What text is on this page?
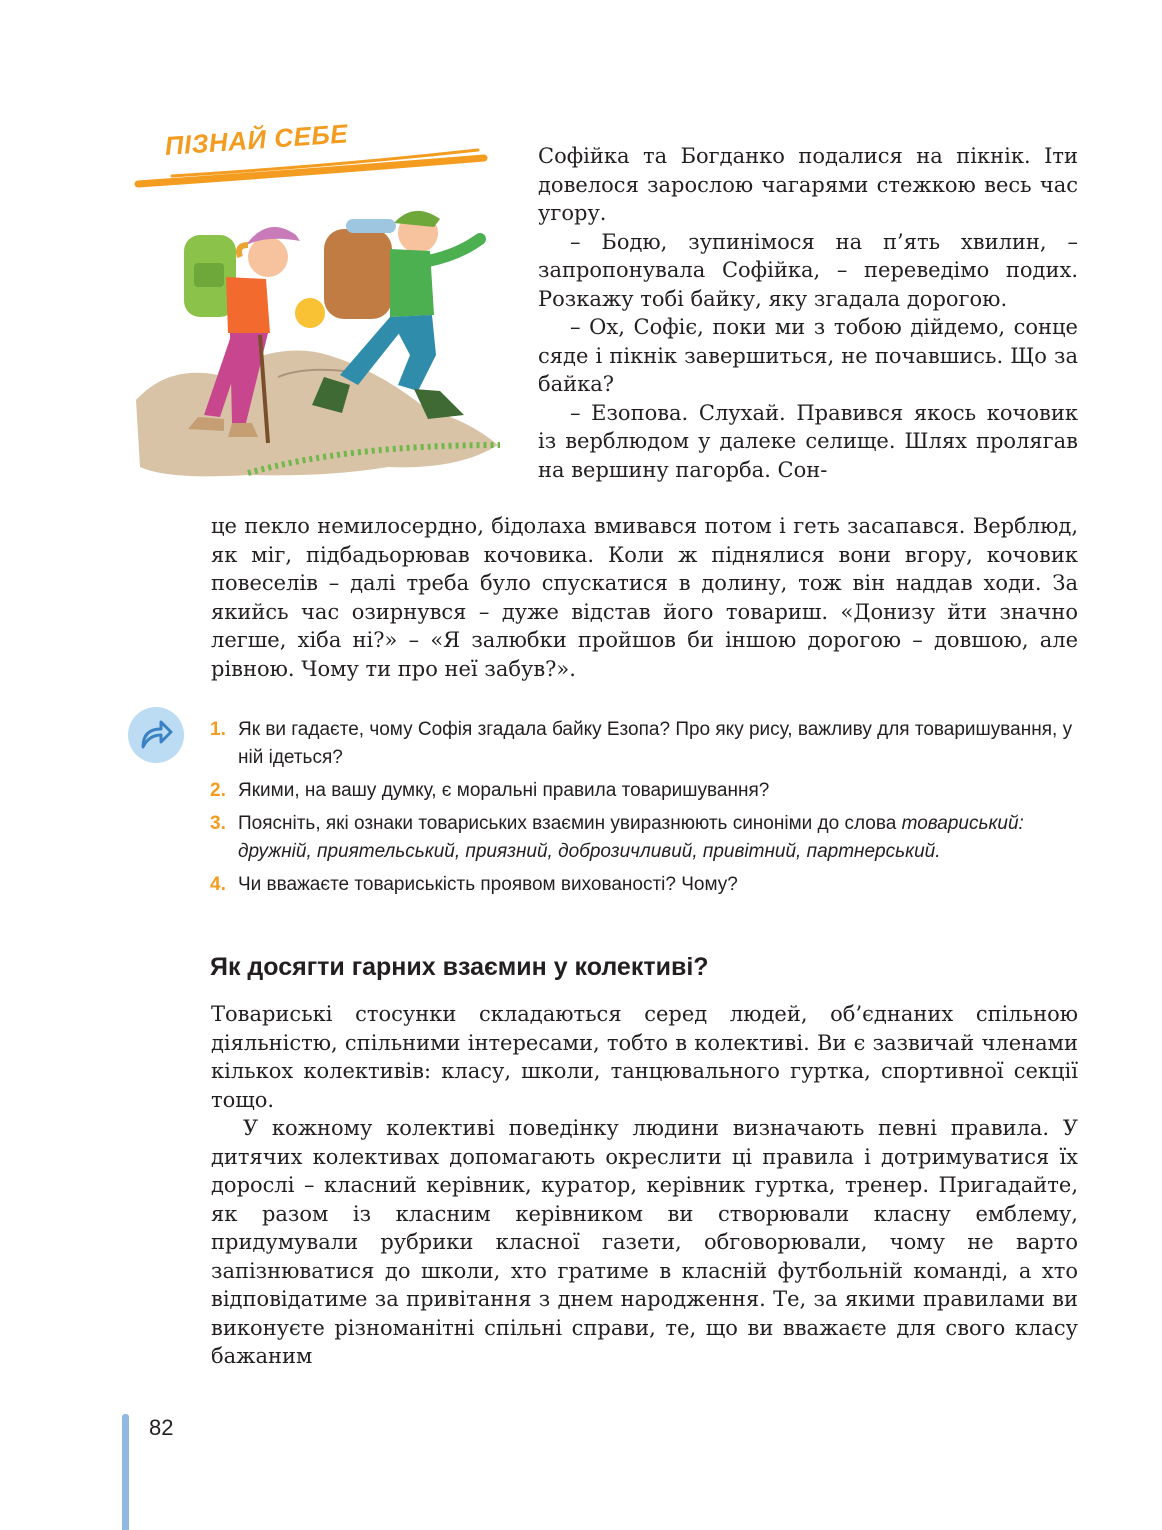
ПІЗНАЙ СЕБЕ	Софійка та Богданко подалися на пікнік. Іти довелося зарослою чагарями стежкою весь час угору.

– Бодю, зупинімося на п’ять хвилин, – запропонувала Софійка, – переведімо подих. Розкажу тобі байку, яку згадала дорогою.

– Ох, Софіє, поки ми з тобою дійдемо, сонце сяде і пікнік завершиться, не почавшись. Що за байка?

– Езопова. Слухай. Правився якось кочовик із верблюдом у далеке селище. Шлях пролягав на вершину пагорба. Сон-

це пекло немилосердно, бідолаха вмивався потом і геть засапався. Верблюд, як міг, підбадьорював кочовика. Коли ж піднялися вони вгору, кочовик повеселів – далі треба було спускатися в долину, тож він наддав ходи. За якийсь час озирнувся – дуже відстав його товариш. «Донизу йти значно легше, хіба ні?» – «Я залюбки пройшов би іншою дорогою – довшою, але рівною. Чому ти про неї забув?».

1. Як ви гадаєте, чому Софія згадала байку Езопа? Про яку рису, важливу для товаришування, у ній ідеться?
2. Якими, на вашу думку, є моральні правила товаришування?
3. Поясніть, які ознаки товариських взаємин увиразнюють синоніми до слова товариський: дружній, приятельський, приязний, доброзичливий, привітний, партнерський.
4. Чи вважаєте товариськість проявом вихованості? Чому?
Як досягти гарних взаємин у колективі?

Товариські стосунки складаються серед людей, об’єднаних спільною діяльністю, спільними інтересами, тобто в колективі. Ви є зазвичай членами кількох колективів: класу, школи, танцювального гуртка, спортивної секції тощо.

У кожному колективі поведінку людини визначають певні правила. У дитячих колективах допомагають окреслити ці правила і дотримуватися їх дорослі – класний керівник, куратор, керівник гуртка, тренер. Пригадайте, як разом із класним керівником ви створювали класну емблему, придумували рубрики класної газети, обговорювали, чому не варто запізнюватися до школи, хто гратиме в класній футбольній команді, а хто відповідатиме за привітання з днем народження. Те, за якими правилами ви виконуєте різноманітні спільні справи, те, що ви вважаєте для свого класу бажаним

82
